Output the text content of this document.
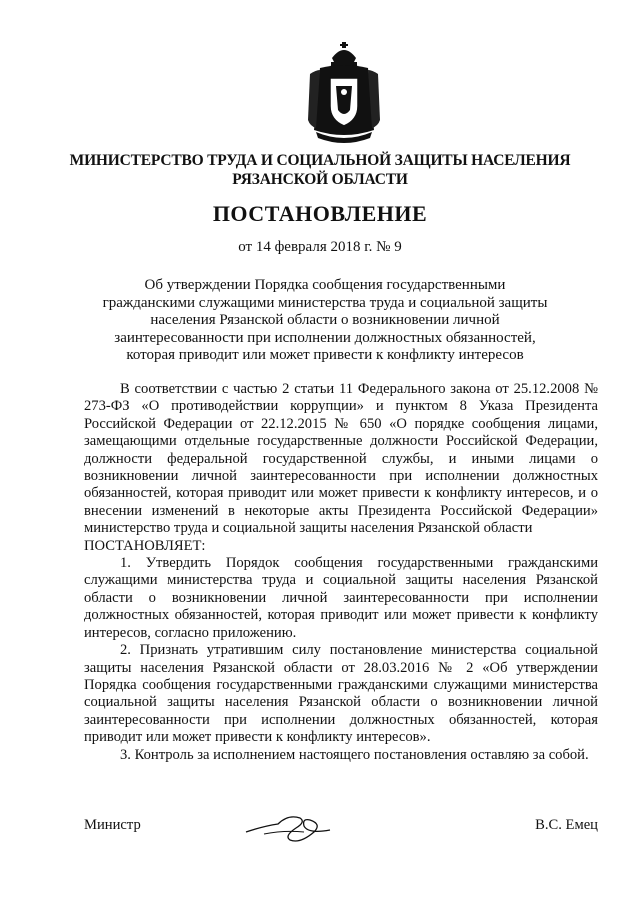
МИНИСТЕРСТВО ТРУДА И СОЦИАЛЬНОЙ ЗАЩИТЫ НАСЕЛЕНИЯ
РЯЗАНСКОЙ ОБЛАСТИ
ПОСТАНОВЛЕНИЕ
от 14 февраля 2018 г. № 9
Об утверждении Порядка сообщения государственными
гражданскими служащими министерства труда и социальной защиты
населения Рязанской области о возникновении личной
заинтересованности при исполнении должностных обязанностей,
которая приводит или может привести к конфликту интересов

В соответствии с частью 2 статьи 11 Федерального закона от 25.12.2008 № 273-ФЗ «О противодействии коррупции» и пунктом 8 Указа Президента Российской Федерации от 22.12.2015 № 650 «О порядке сообщения лицами, замещающими отдельные государственные должности Российской Федерации, должности федеральной государственной службы, и иными лицами о возникновении личной заинтересованности при исполнении должностных обязанностей, которая приводит или может привести к конфликту интересов, и о внесении изменений в некоторые акты Президента Российской Федерации» министерство труда и социальной защиты населения Рязанской области

ПОСТАНОВЛЯЕТ:

1. Утвердить Порядок сообщения государственными гражданскими служащими министерства труда и социальной защиты населения Рязанской области о возникновении личной заинтересованности при исполнении должностных обязанностей, которая приводит или может привести к конфликту интересов, согласно приложению.

2. Признать утратившим силу постановление министерства социальной защиты населения Рязанской области от 28.03.2016 № 2 «Об утверждении Порядка сообщения государственными гражданскими служащими министерства социальной защиты населения Рязанской области о возникновении личной заинтересованности при исполнении должностных обязанностей, которая приводит или может привести к конфликту интересов».

3. Контроль за исполнением настоящего постановления оставляю за собой.

Министр	В.С. Емец
